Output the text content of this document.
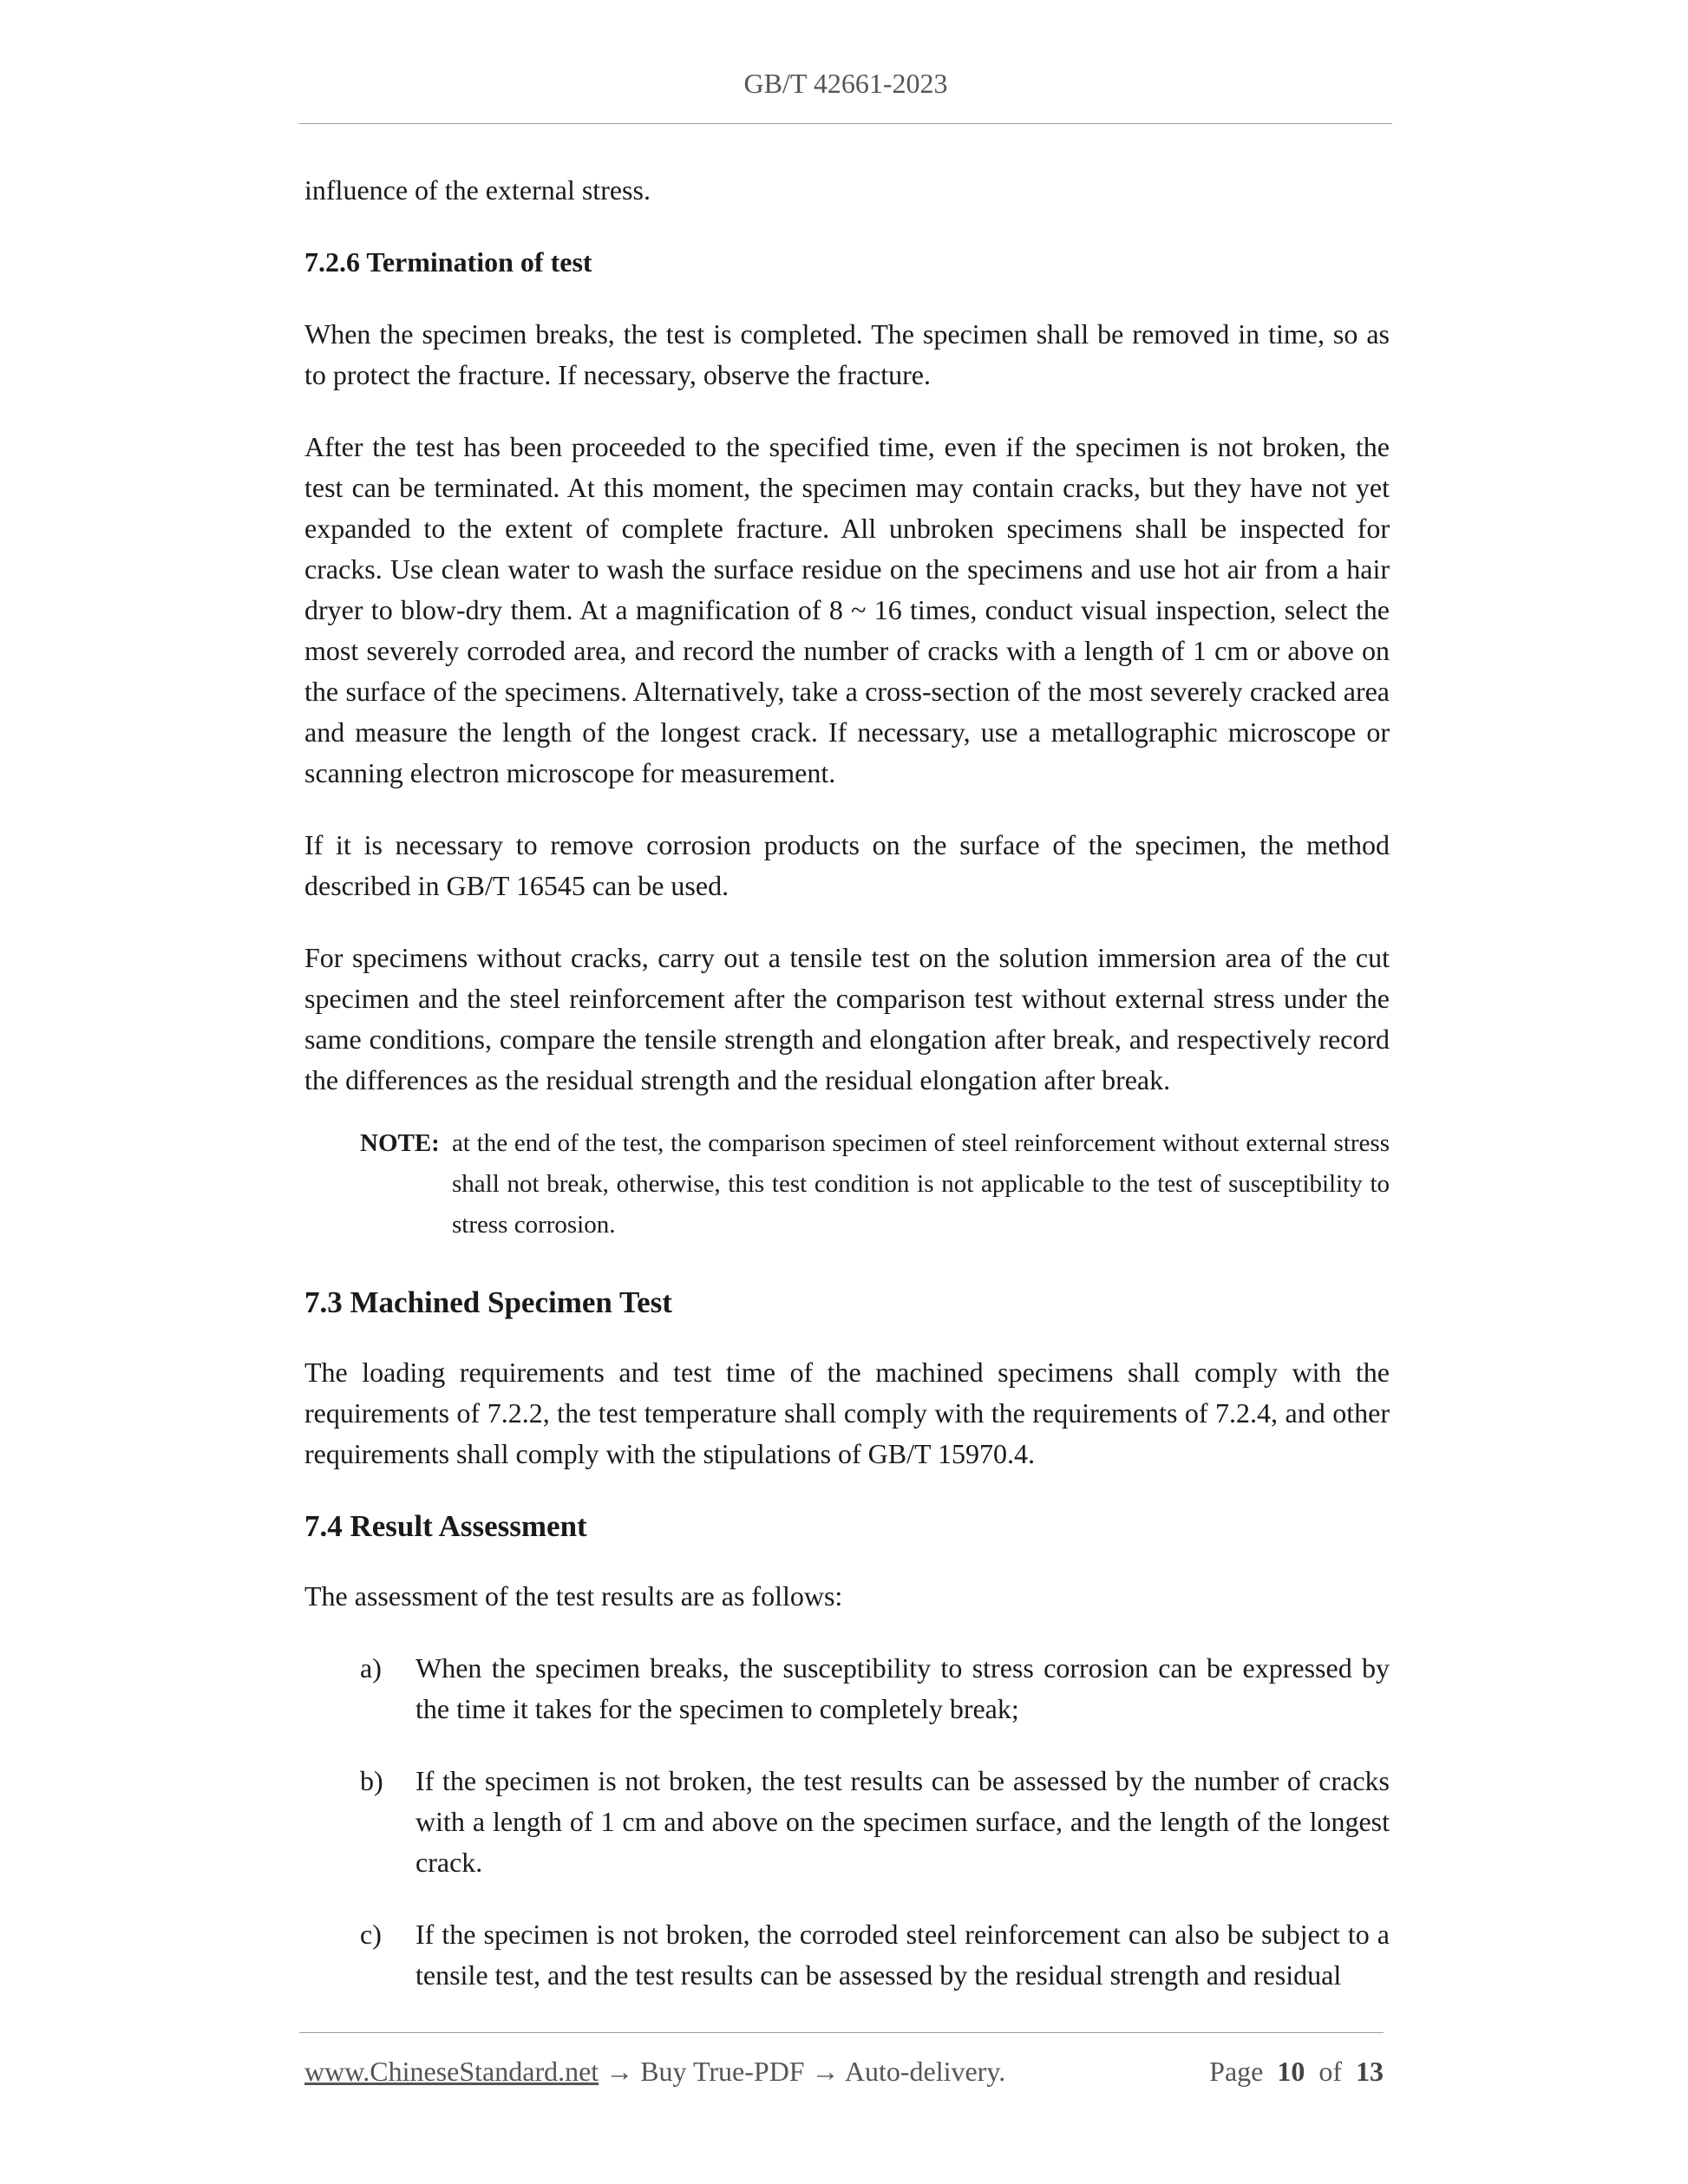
GB/T 42661-2023

influence of the external stress.

7.2.6 Termination of test

When the specimen breaks, the test is completed. The specimen shall be removed in time, so as to protect the fracture. If necessary, observe the fracture.

After the test has been proceeded to the specified time, even if the specimen is not broken, the test can be terminated. At this moment, the specimen may contain cracks, but they have not yet expanded to the extent of complete fracture. All unbroken specimens shall be inspected for cracks. Use clean water to wash the surface residue on the specimens and use hot air from a hair dryer to blow-dry them. At a magnification of 8 ~ 16 times, conduct visual inspection, select the most severely corroded area, and record the number of cracks with a length of 1 cm or above on the surface of the specimens. Alternatively, take a cross-section of the most severely cracked area and measure the length of the longest crack. If necessary, use a metallographic microscope or scanning electron microscope for measurement.

If it is necessary to remove corrosion products on the surface of the specimen, the method described in GB/T 16545 can be used.

For specimens without cracks, carry out a tensile test on the solution immersion area of the cut specimen and the steel reinforcement after the comparison test without external stress under the same conditions, compare the tensile strength and elongation after break, and respectively record the differences as the residual strength and the residual elongation after break.

NOTE: at the end of the test, the comparison specimen of steel reinforcement without external stress shall not break, otherwise, this test condition is not applicable to the test of susceptibility to stress corrosion.
7.3 Machined Specimen Test

The loading requirements and test time of the machined specimens shall comply with the requirements of 7.2.2, the test temperature shall comply with the requirements of 7.2.4, and other requirements shall comply with the stipulations of GB/T 15970.4.

7.4 Result Assessment

The assessment of the test results are as follows:

a)	When the specimen breaks, the susceptibility to stress corrosion can be expressed by the time it takes for the specimen to completely break;
b)	If the specimen is not broken, the test results can be assessed by the number of cracks with a length of 1 cm and above on the specimen surface, and the length of the longest crack.
c)	If the specimen is not broken, the corroded steel reinforcement can also be subject to a tensile test, and the test results can be assessed by the residual strength and residual
www.ChineseStandard.net → Buy True-PDF → Auto-delivery.	Page 10 of 13
